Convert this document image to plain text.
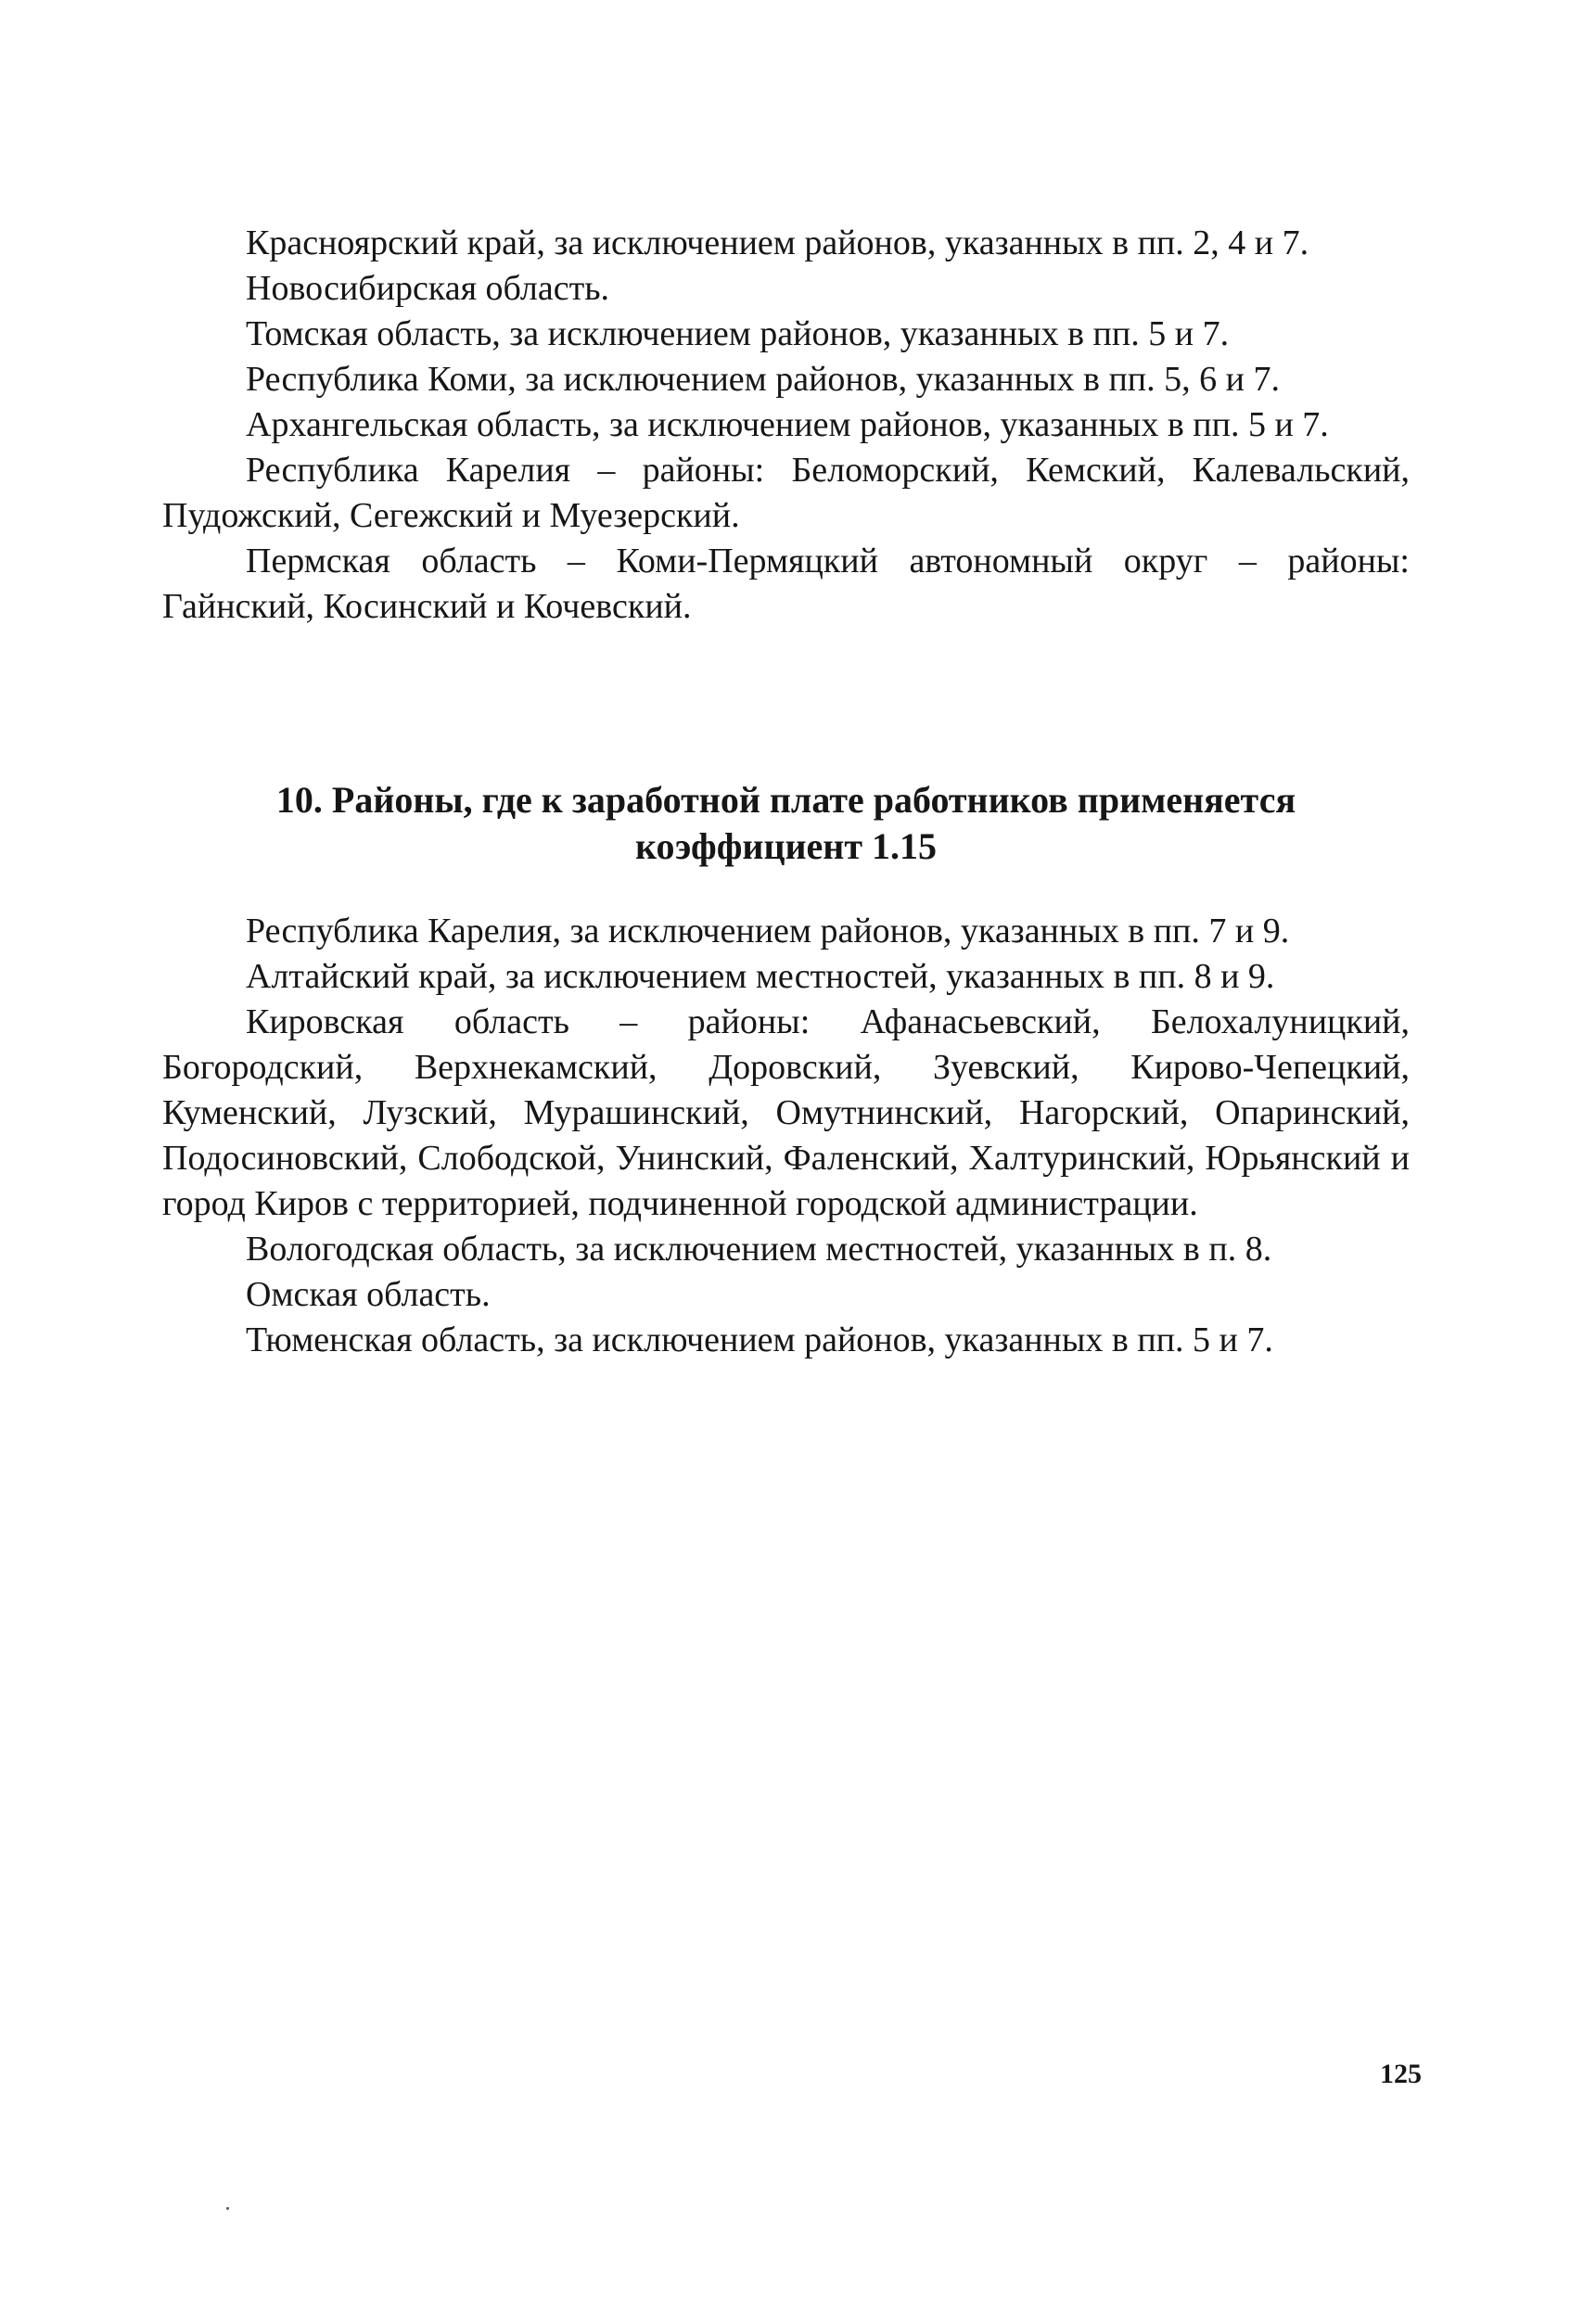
Красноярский край, за исключением районов, указанных в пп. 2, 4 и 7.

Новосибирская область.

Томская область, за исключением районов, указанных в пп. 5 и 7.

Республика Коми, за исключением районов, указанных в пп. 5, 6 и 7.

Архангельская область, за исключением районов, указанных в пп. 5 и 7.

Республика Карелия – районы: Беломорский, Кемский, Калевальский, Пудожский, Сегежский и Муезерский.

Пермская область – Коми-Пермяцкий автономный округ – районы: Гайнский, Косинский и Кочевский.

10. Районы, где к заработной плате работников применяется
коэффициент 1.15

Республика Карелия, за исключением районов, указанных в пп. 7 и 9.

Алтайский край, за исключением местностей, указанных в пп. 8 и 9.

Кировская область – районы: Афанасьевский, Белохалуницкий, Богородский, Верхнекамский, Доровский, Зуевский, Кирово-Чепецкий, Куменский, Лузский, Мурашинский, Омутнинский, Нагорский, Опаринский, Подосиновский, Слободской, Унинский, Фаленский, Халтуринский, Юрьянский и город Киров с территорией, подчиненной городской администрации.

Вологодская область, за исключением местностей, указанных в п. 8.

Омская область.

Тюменская область, за исключением районов, указанных в пп. 5 и 7.

125
